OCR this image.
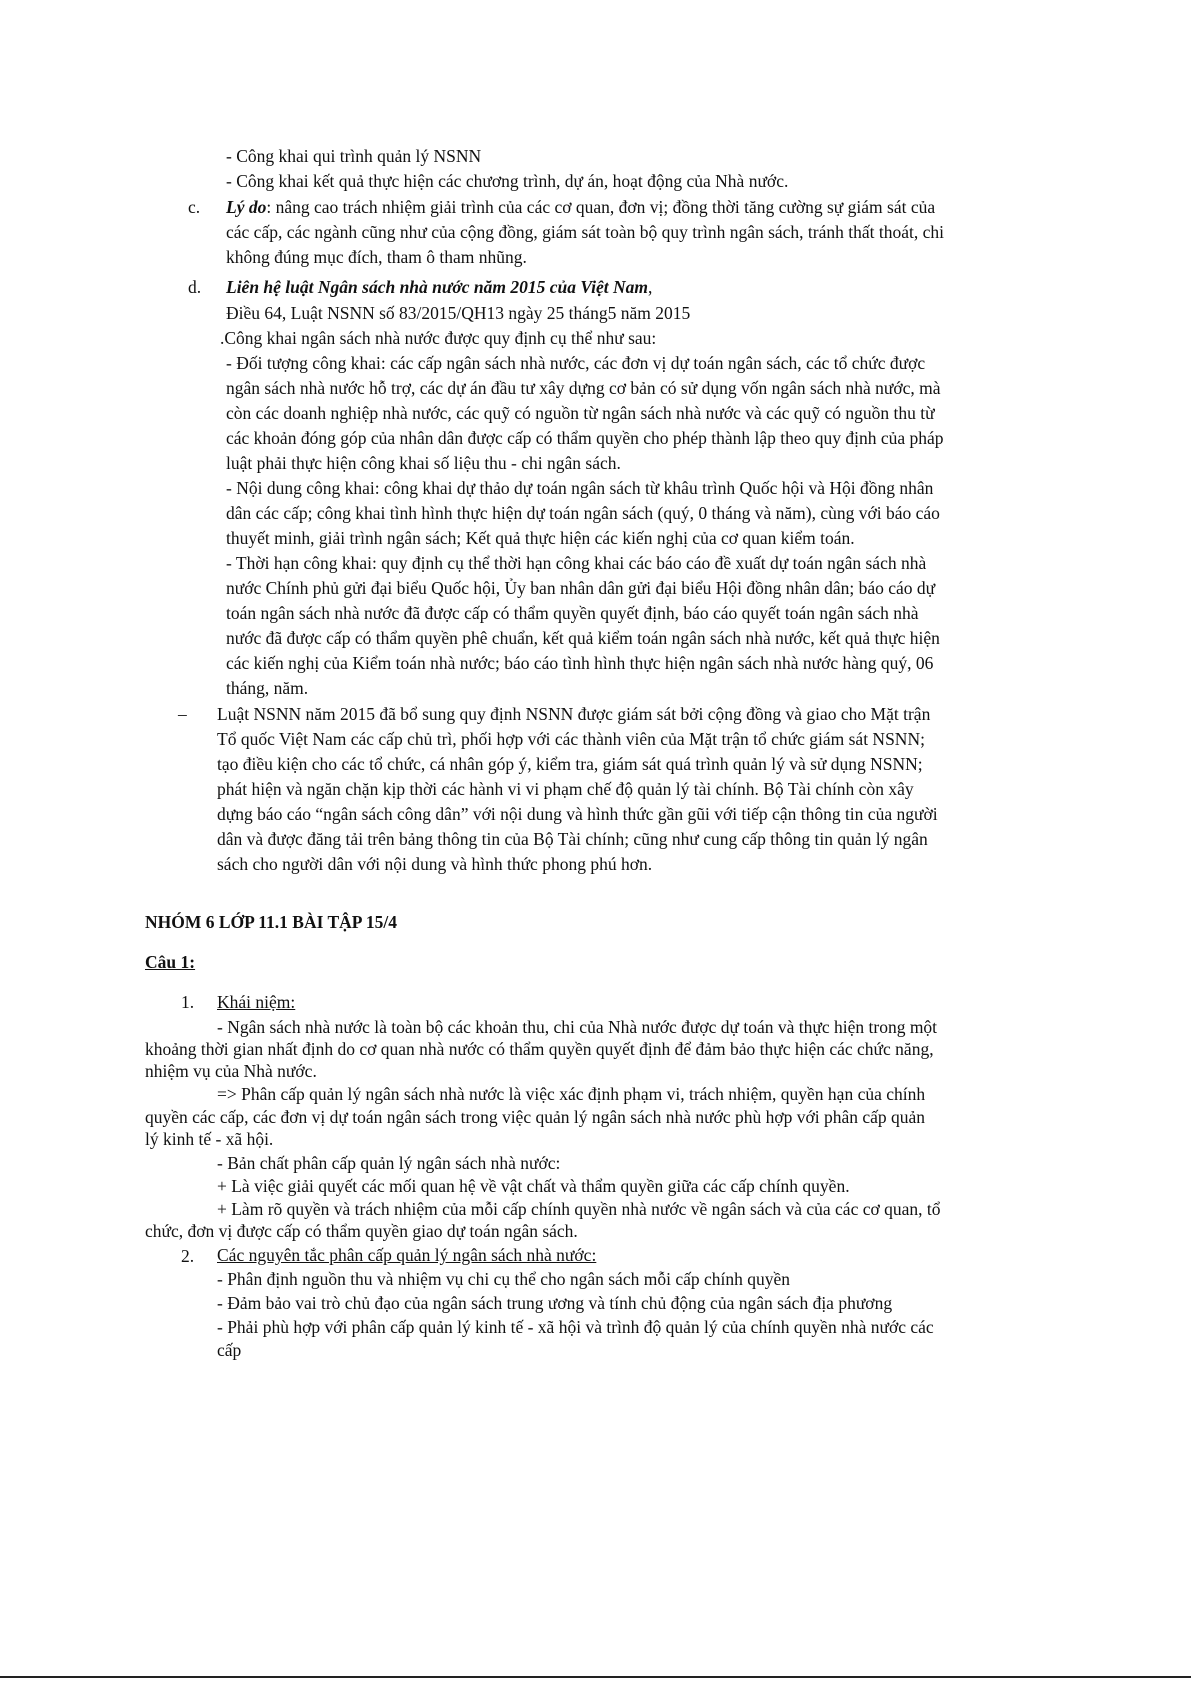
- Công khai qui trình quản lý NSNN
- Công khai kết quả thực hiện các chương trình, dự án, hoạt động của Nhà nước.
c. Lý do: nâng cao trách nhiệm giải trình của các cơ quan, đơn vị; đồng thời tăng cường sự giám sát của
các cấp, các ngành cũng như của cộng đồng, giám sát toàn bộ quy trình ngân sách, tránh thất thoát, chi
không đúng mục đích, tham ô tham nhũng.
d. Liên hệ luật Ngân sách nhà nước năm 2015 của Việt Nam,
Điều 64, Luật NSNN số 83/2015/QH13 ngày 25 tháng5 năm 2015
.Công khai ngân sách nhà nước được quy định cụ thể như sau:
- Đối tượng công khai: các cấp ngân sách nhà nước, các đơn vị dự toán ngân sách, các tổ chức được
ngân sách nhà nước hỗ trợ, các dự án đầu tư xây dựng cơ bản có sử dụng vốn ngân sách nhà nước, mà
còn các doanh nghiệp nhà nước, các quỹ có nguồn từ ngân sách nhà nước và các quỹ có nguồn thu từ
các khoản đóng góp của nhân dân được cấp có thẩm quyền cho phép thành lập theo quy định của pháp
luật phải thực hiện công khai số liệu thu - chi ngân sách.
- Nội dung công khai: công khai dự thảo dự toán ngân sách từ khâu trình Quốc hội và Hội đồng nhân
dân các cấp; công khai tình hình thực hiện dự toán ngân sách (quý, 0 tháng và năm), cùng với báo cáo
thuyết minh, giải trình ngân sách; Kết quả thực hiện các kiến nghị của cơ quan kiểm toán.
- Thời hạn công khai: quy định cụ thể thời hạn công khai các báo cáo đề xuất dự toán ngân sách nhà
nước Chính phủ gửi đại biểu Quốc hội, Ủy ban nhân dân gửi đại biểu Hội đồng nhân dân; báo cáo dự
toán ngân sách nhà nước đã được cấp có thẩm quyền quyết định, báo cáo quyết toán ngân sách nhà
nước đã được cấp có thẩm quyền phê chuẩn, kết quả kiểm toán ngân sách nhà nước, kết quả thực hiện
các kiến nghị của Kiểm toán nhà nước; báo cáo tình hình thực hiện ngân sách nhà nước hàng quý, 06
tháng, năm.
– Luật NSNN năm 2015 đã bổ sung quy định NSNN được giám sát bởi cộng đồng và giao cho Mặt trận
Tổ quốc Việt Nam các cấp chủ trì, phối hợp với các thành viên của Mặt trận tổ chức giám sát NSNN;
tạo điều kiện cho các tổ chức, cá nhân góp ý, kiểm tra, giám sát quá trình quản lý và sử dụng NSNN;
phát hiện và ngăn chặn kịp thời các hành vi vi phạm chế độ quản lý tài chính. Bộ Tài chính còn xây
dựng báo cáo “ngân sách công dân” với nội dung và hình thức gần gũi với tiếp cận thông tin của người
dân và được đăng tải trên bảng thông tin của Bộ Tài chính; cũng như cung cấp thông tin quản lý ngân
sách cho người dân với nội dung và hình thức phong phú hơn.
NHÓM 6 LỚP 11.1 BÀI TẬP 15/4
Câu 1:
1. Khái niệm:
- Ngân sách nhà nước là toàn bộ các khoản thu, chi của Nhà nước được dự toán và thực hiện trong một
khoảng thời gian nhất định do cơ quan nhà nước có thẩm quyền quyết định để đảm bảo thực hiện các chức năng,
nhiệm vụ của Nhà nước.
=> Phân cấp quản lý ngân sách nhà nước là việc xác định phạm vi, trách nhiệm, quyền hạn của chính
quyền các cấp, các đơn vị dự toán ngân sách trong việc quản lý ngân sách nhà nước phù hợp với phân cấp quản
lý kinh tế - xã hội.
- Bản chất phân cấp quản lý ngân sách nhà nước:
+ Là việc giải quyết các mối quan hệ về vật chất và thẩm quyền giữa các cấp chính quyền.
+ Làm rõ quyền và trách nhiệm của mỗi cấp chính quyền nhà nước về ngân sách và của các cơ quan, tổ
chức, đơn vị được cấp có thẩm quyền giao dự toán ngân sách.
2. Các nguyên tắc phân cấp quản lý ngân sách nhà nước:
- Phân định nguồn thu và nhiệm vụ chi cụ thể cho ngân sách mỗi cấp chính quyền
- Đảm bảo vai trò chủ đạo của ngân sách trung ương và tính chủ động của ngân sách địa phương
- Phải phù hợp với phân cấp quản lý kinh tế - xã hội và trình độ quản lý của chính quyền nhà nước các
cấp
